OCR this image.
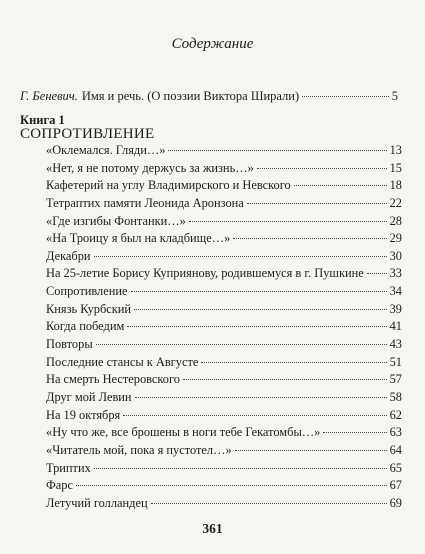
Содержание
Г. Беневич. Имя и речь. (О поэзии Виктора Ширали)	5
Книга 1
СОПРОТИВЛЕНИЕ
«Оклемался. Гляди…»	13
«Нет, я не потому держусь за жизнь…»	15
Кафетерий на углу Владимирского и Невского	18
Тетраптих памяти Леонида Аронзона	22
«Где изгибы Фонтанки…»	28
«На Троицу я был на кладбище…»	29
Декабри	30
На 25-летие Борису Куприянову, родившемуся в г. Пушкине 33
Сопротивление	34
Князь Курбский	39
Когда победим	41
Повторы	43
Последние стансы к Августе	51
На смерть Нестеровского	57
Друг мой Левин	58
На 19 октября	62
«Ну что же, все брошены в ноги тебе Гекатомбы…»	63
«Читатель мой, пока я пустотел…»	64
Триптих	65
Фарс	67
Летучий голландец	69
361
